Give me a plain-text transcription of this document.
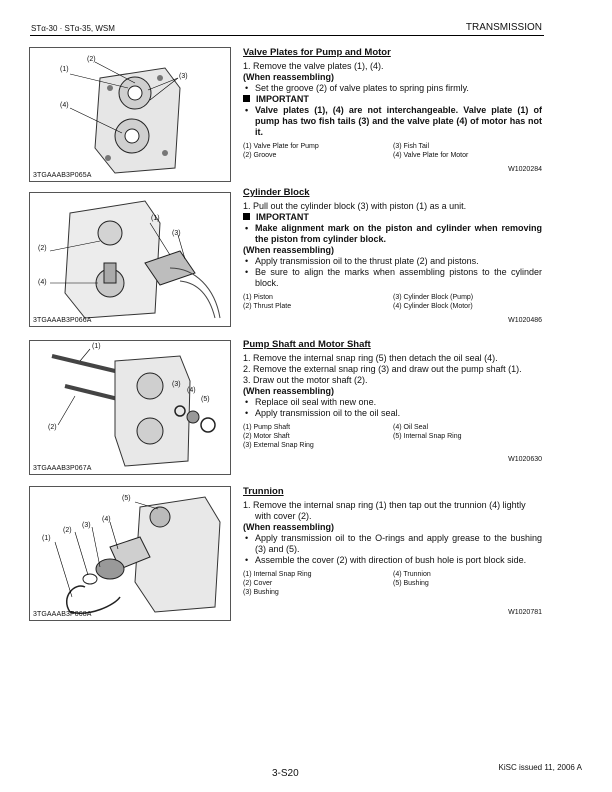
STα-30 · STα-35, WSM	TRANSMISSION
(1)
(2)
(3)
(4)
3TGAAAB3P065A
(1)
(2)
(3)
(4)
3TGAAAB3P066A
(1)
(2)
(3)
(4)
(5)
3TGAAAB3P067A
(1)
(2)
(3)
(4)
(5)
3TGAAAB3P068A
Valve Plates for Pump and Motor
1. Remove the valve plates (1), (4).
(When reassembling)
• Set the groove (2) of valve plates to spring pins firmly.
IMPORTANT
• Valve plates (1), (4) are not interchangeable. Valve plate (1) of pump has two fish tails (3) and the valve plate (4) of motor has not it.
(1) Valve Plate for Pump	(3) Fish Tail
(2) Groove	(4) Valve Plate for Motor
W1020284
Cylinder Block
1. Pull out the cylinder block (3) with piston (1) as a unit.
IMPORTANT
• Make alignment mark on the piston and cylinder when removing the piston from cylinder block.
(When reassembling)
• Apply transmission oil to the thrust plate (2) and pistons.
• Be sure to align the marks when assembling pistons to the cylinder block.
(1) Piston	(3) Cylinder Block (Pump)
(2) Thrust Plate	(4) Cylinder Block (Motor)
W1020486
Pump Shaft and Motor Shaft
1. Remove the internal snap ring (5) then detach the oil seal (4).
2. Remove the external snap ring (3) and draw out the pump shaft (1).
3. Draw out the motor shaft (2).
(When reassembling)
• Replace oil seal with new one.
• Apply transmission oil to the oil seal.
(1) Pump Shaft	(4) Oil Seal
(2) Motor Shaft	(5) Internal Snap Ring
(3) External Snap Ring
W1020630
Trunnion
1. Remove the internal snap ring (1) then tap out the trunnion (4) lightly with cover (2).
(When reassembling)
• Apply transmission oil to the O-rings and apply grease to the bushing (3) and (5).
• Assemble the cover (2) with direction of bush hole is port block side.
(1) Internal Snap Ring	(4) Trunnion
(2) Cover	(5) Bushing
(3) Bushing
W1020781
3-S20
KiSC issued 11, 2006 A
